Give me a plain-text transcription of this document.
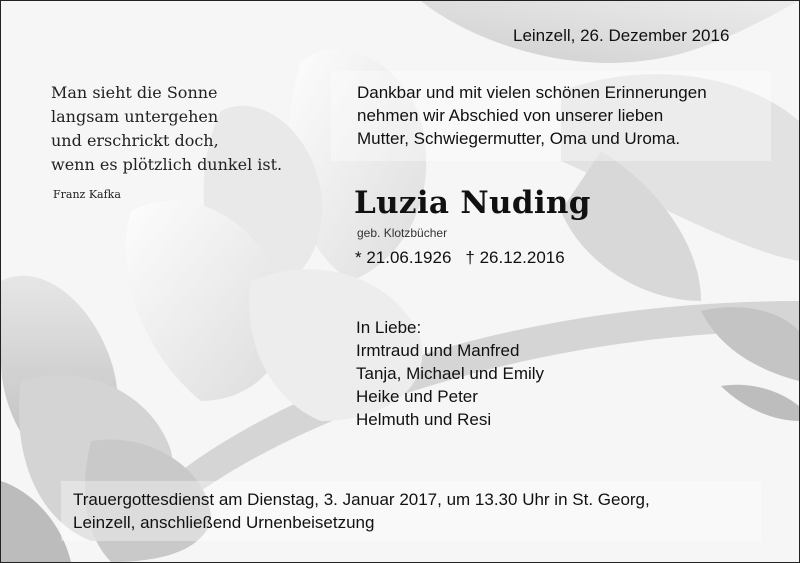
Leinzell, 26. Dezember 2016
Man sieht die Sonne
langsam untergehen
und erschrickt doch,
wenn es plötzlich dunkel ist.
Franz Kafka
Dankbar und mit vielen schönen Erinnerungen
nehmen wir Abschied von unserer lieben
Mutter, Schwiegermutter, Oma und Uroma.
Luzia Nuding
geb. Klotzbücher
* 21.06.1926 † 26.12.2016
In Liebe:
Irmtraud und Manfred
Tanja, Michael und Emily
Heike und Peter
Helmuth und Resi
Trauergottesdienst am Dienstag, 3. Januar 2017, um 13.30 Uhr in St. Georg,
Leinzell, anschließend Urnenbeisetzung
